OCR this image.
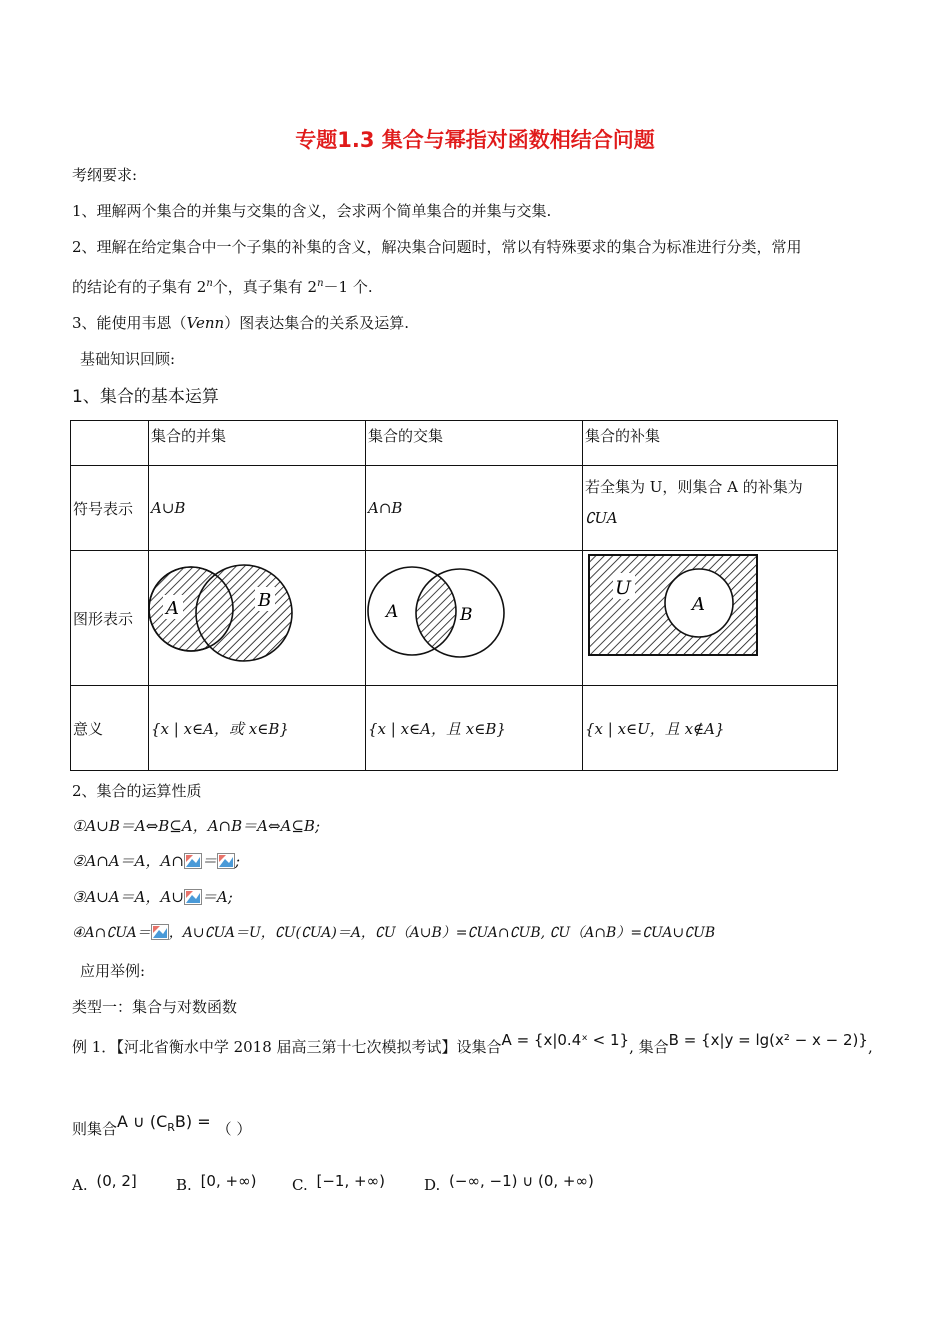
专题1.3 集合与幂指对函数相结合问题
考纲要求:
1、理解两个集合的并集与交集的含义，会求两个简单集合的并集与交集.
2、理解在给定集合中一个子集的补集的含义，解决集合问题时，常以有特殊要求的集合为标准进行分类，常用
的结论有的子集有 2$^n$个，真子集有 $2^n-1$ 个.
3、能使用韦恩（Venn）图表达集合的关系及运算.
基础知识回顾:
1、集合的基本运算
	集合的并集	集合的交集	集合的补集
符号表示	A∪B	A∩B	若全集为 U，则集合 A 的补集为
∁UA

图形表示	A B	A B	U
A

意义	{x | x∈A，或 x∈B}	{x | x∈A，且 x∈B}	{x | x∈U，且 x∉A}
2、集合的运算性质
①A∪B＝A⇔B⊆A，A∩B＝A⇔A⊆B;
②A∩A＝A，A∩ ＝ ;
③A∪A＝A，A∪ ＝A;
④A∩∁UA＝ ，A∪∁UA＝U，∁U(∁UA)＝A，∁U（A∪B）=∁UA∩∁UB, ∁U（A∩B）=∁UA∪∁UB
应用举例:
类型一：集合与对数函数
例 1．【河北省衡水中学 2018 届高三第十七次模拟考试】设集合A = {x|0.4ˣ < 1}, 集合B = {x|y = lg(x² − x − 2)},
则集合A ∪ $(C_RB)$ = （ ）
A. (0, 2]	B. [0, +∞) C. [−1, +∞)	D. (−∞, −1) ∪ (0, +∞)
